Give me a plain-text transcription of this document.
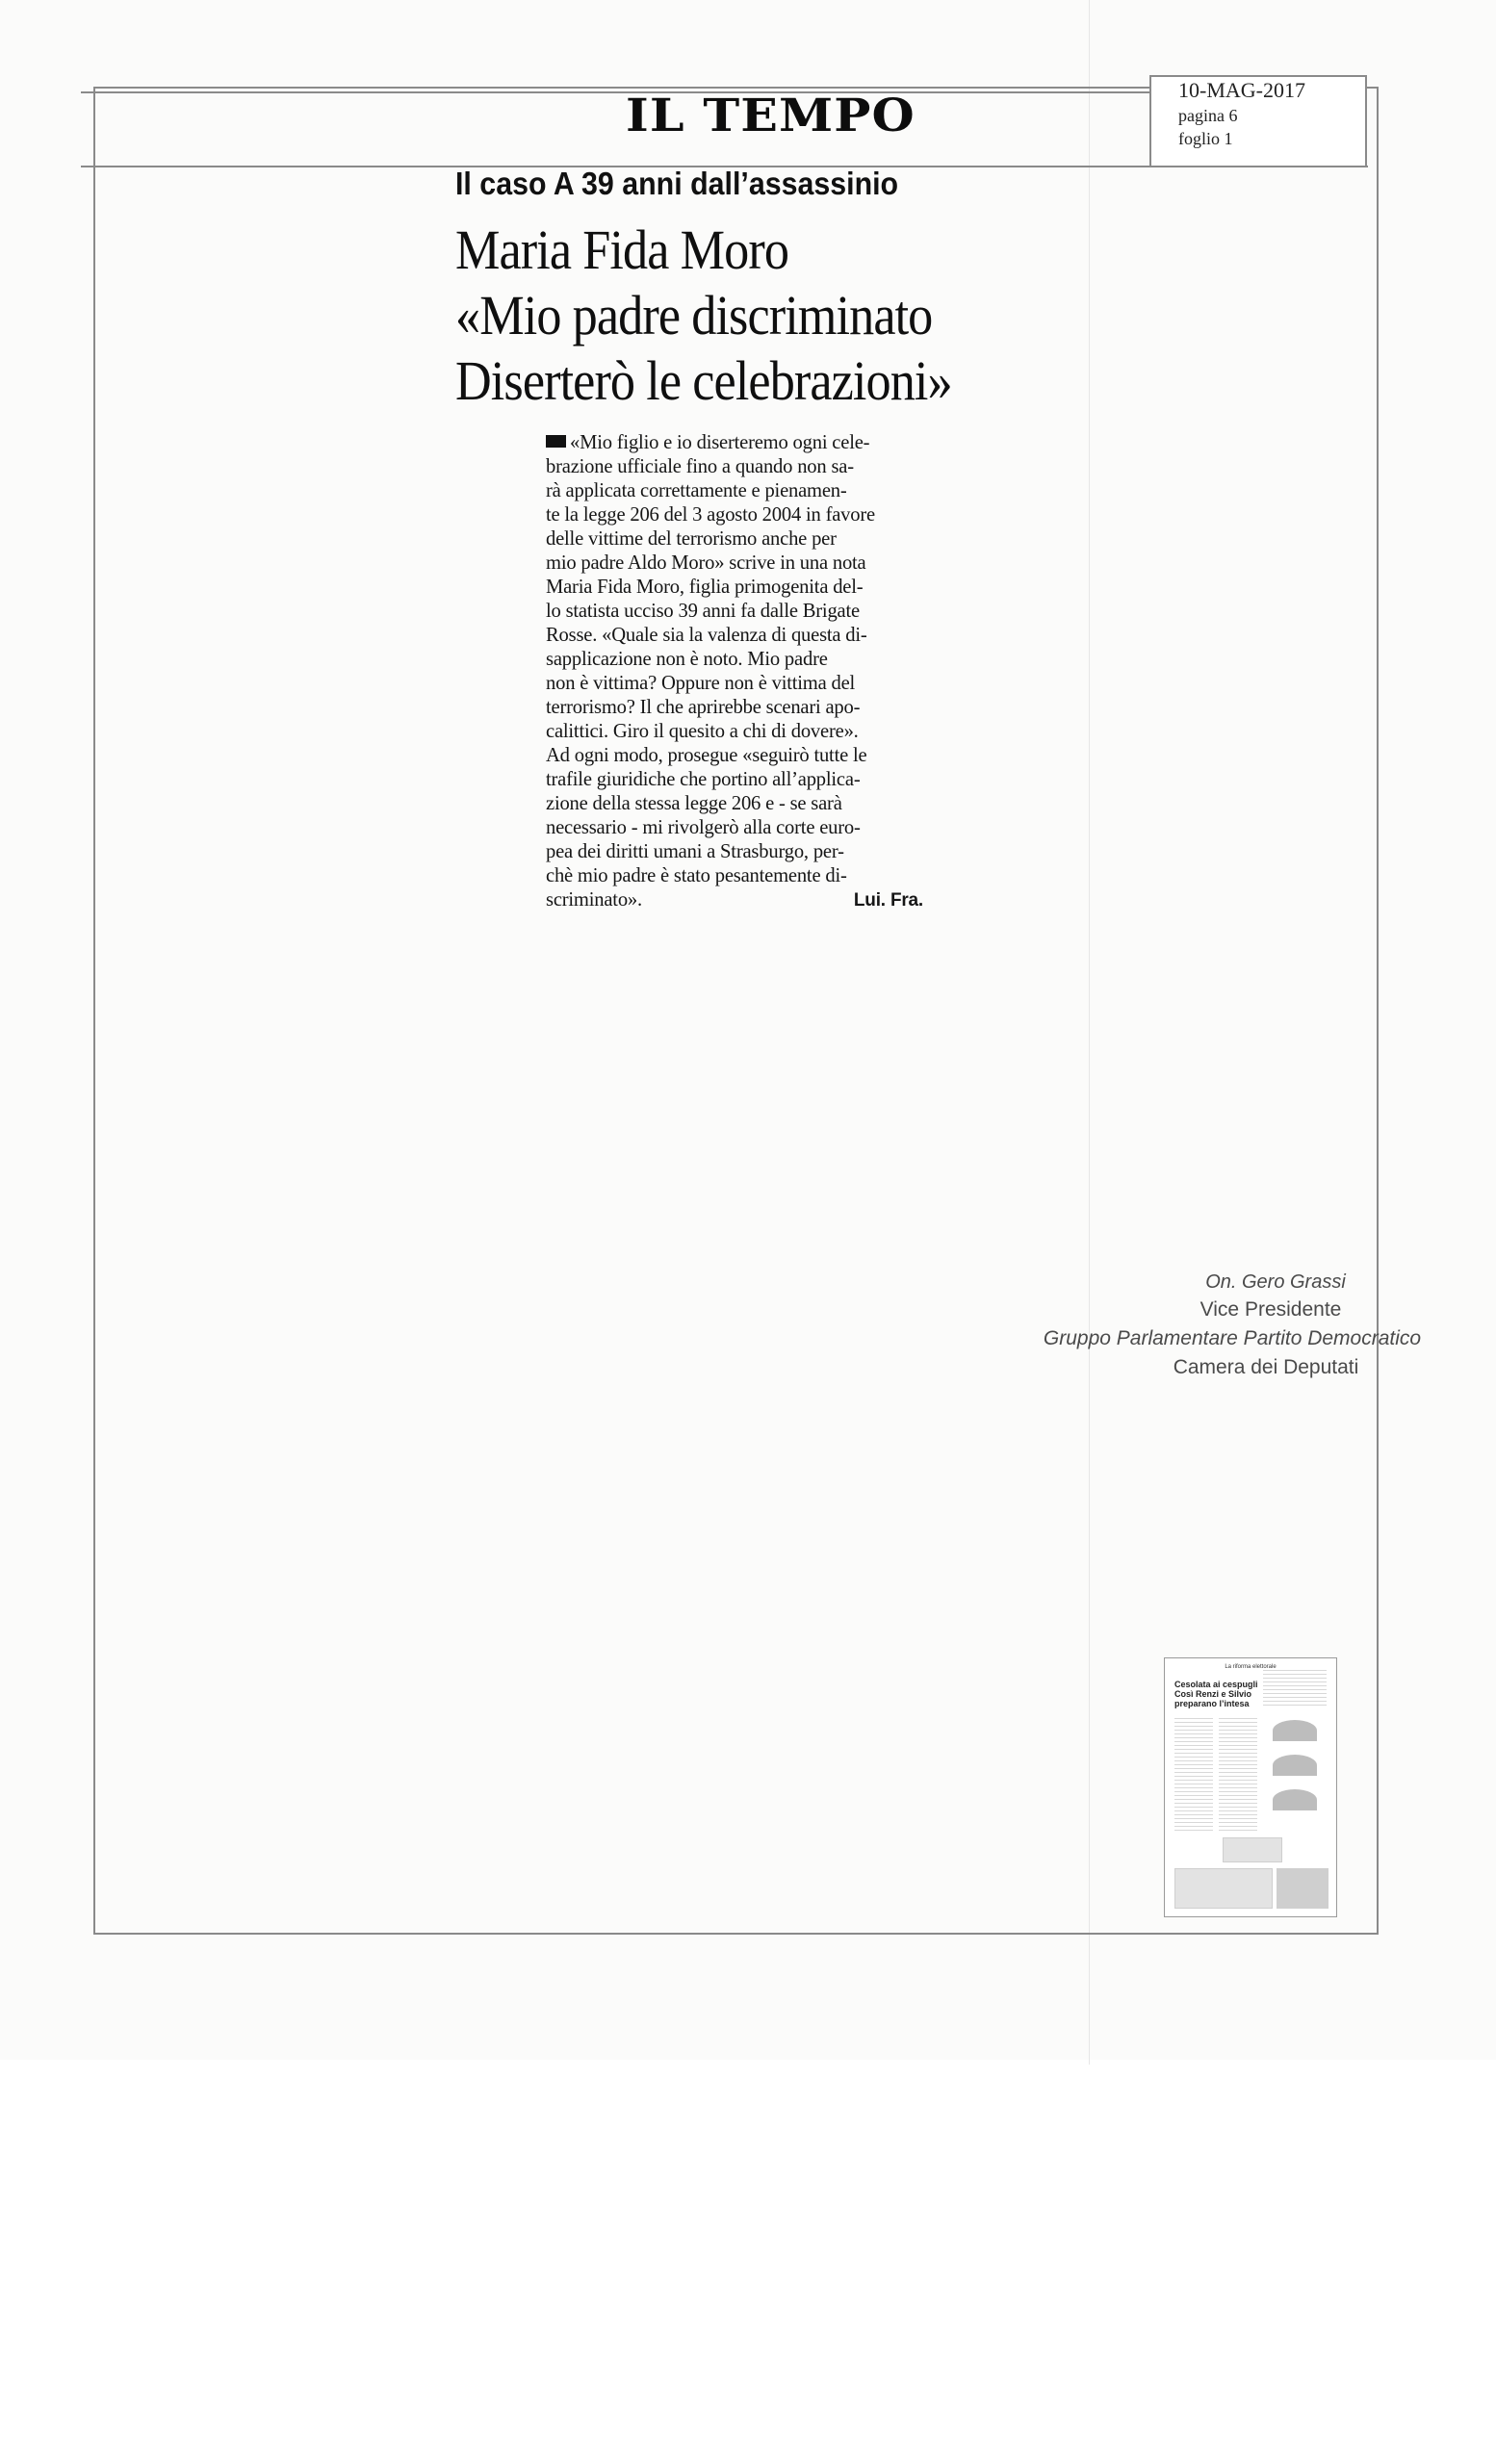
IL TEMPO	10-MAG-2017
pagina 6
foglio 1
Il caso A 39 anni dall’assassinio
Maria Fida Moro
«Mio padre discriminato
Diserterò le celebrazioni»
«Mio figlio e io diserteremo ogni cele-
brazione ufficiale fino a quando non sa-
rà applicata correttamente e pienamen-
te la legge 206 del 3 agosto 2004 in favore
delle vittime del terrorismo anche per
mio padre Aldo Moro» scrive in una nota
Maria Fida Moro, figlia primogenita del-
lo statista ucciso 39 anni fa dalle Brigate
Rosse. «Quale sia la valenza di questa di-
sapplicazione non è noto. Mio padre
non è vittima? Oppure non è vittima del
terrorismo? Il che aprirebbe scenari apo-
calittici. Giro il quesito a chi di dovere».
Ad ogni modo, prosegue «seguirò tutte le
trafile giuridiche che portino all’applica-
zione della stessa legge 206 e - se sarà
necessario - mi rivolgerò alla corte euro-
pea dei diritti umani a Strasburgo, per-
chè mio padre è stato pesantemente di-
scriminato».	Lui. Fra.
On. Gero Grassi
Vice Presidente
Gruppo Parlamentare Partito Democratico
Camera dei Deputati
La riforma elettorale
Cesolata ai cespugli Così Renzi e Silvio preparano l’intesa
